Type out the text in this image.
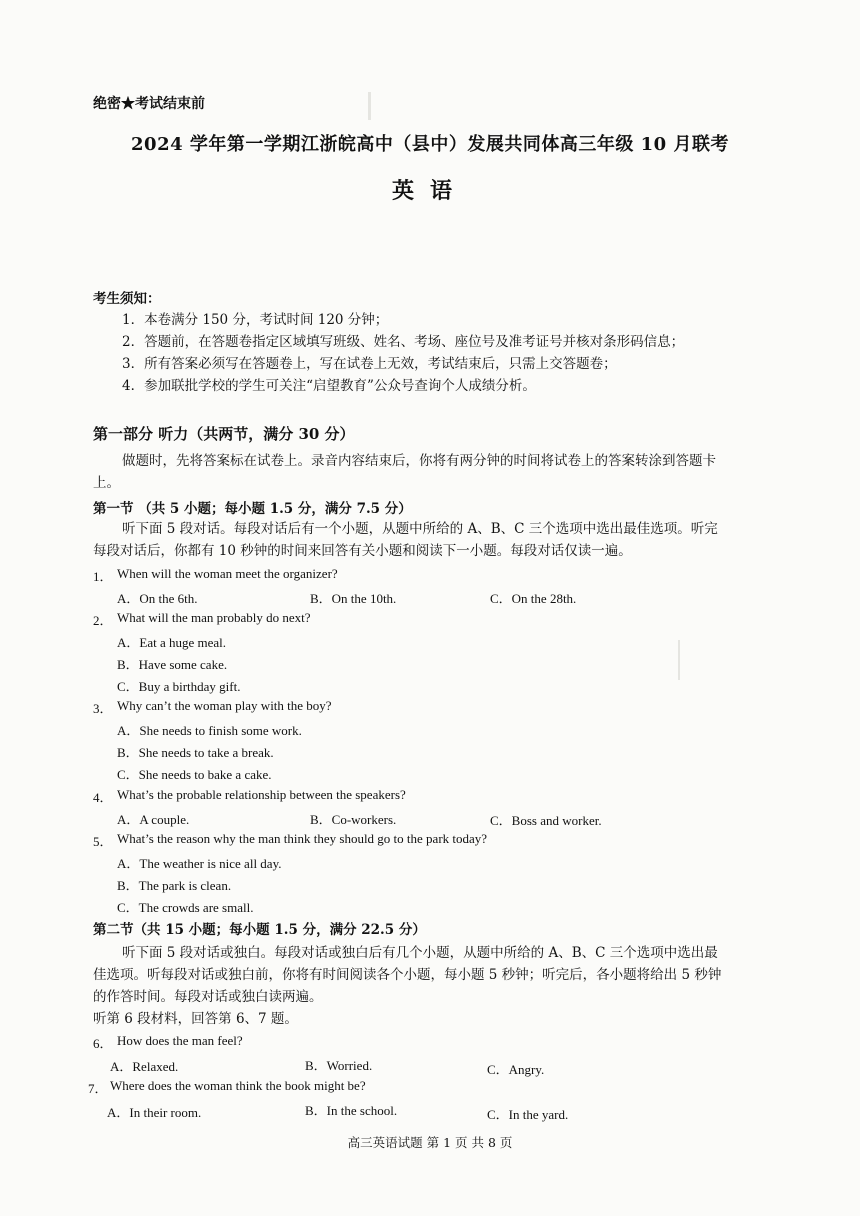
绝密★考试结束前
2024 学年第一学期江浙皖高中（县中）发展共同体高三年级 10 月联考
英语
考生须知：
1．本卷满分 150 分，考试时间 120 分钟；
2．答题前，在答题卷指定区域填写班级、姓名、考场、座位号及准考证号并核对条形码信息；
3．所有答案必须写在答题卷上，写在试卷上无效，考试结束后，只需上交答题卷；
4．参加联批学校的学生可关注“启望教育”公众号查询个人成绩分析。
第一部分 听力（共两节，满分 30 分）
做题时，先将答案标在试卷上。录音内容结束后，你将有两分钟的时间将试卷上的答案转涂到答题卡
上。
第一节 （共 5 小题；每小题 1.5 分，满分 7.5 分）
听下面 5 段对话。每段对话后有一个小题，从题中所给的 A、B、C 三个选项中选出最佳选项。听完
每段对话后，你都有 10 秒钟的时间来回答有关小题和阅读下一小题。每段对话仅读一遍。
1． When will the woman meet the organizer?
A．On the 6th.	B．On the 10th.	C．On the 28th.
2． What will the man probably do next?
A．Eat a huge meal.
B．Have some cake.
C．Buy a birthday gift.
3． Why can’t the woman play with the boy?
A．She needs to finish some work.
B．She needs to take a break.
C．She needs to bake a cake.
4． What’s the probable relationship between the speakers?
A．A couple.	B．Co-workers.	C．Boss and worker.
5． What’s the reason why the man think they should go to the park today?
A．The weather is nice all day.
B．The park is clean.
C．The crowds are small.
第二节（共 15 小题；每小题 1.5 分，满分 22.5 分）
听下面 5 段对话或独白。每段对话或独白后有几个小题，从题中所给的 A、B、C 三个选项中选出最
佳选项。听每段对话或独白前，你将有时间阅读各个小题，每小题 5 秒钟；听完后，各小题将给出 5 秒钟
的作答时间。每段对话或独白读两遍。
听第 6 段材料，回答第 6、7 题。
6． How does the man feel?
A．Relaxed.	B．Worried.	C．Angry.
7． Where does the woman think the book might be?
A．In their room.	B．In the school.	C．In the yard.
高三英语试题 第 1 页 共 8 页
